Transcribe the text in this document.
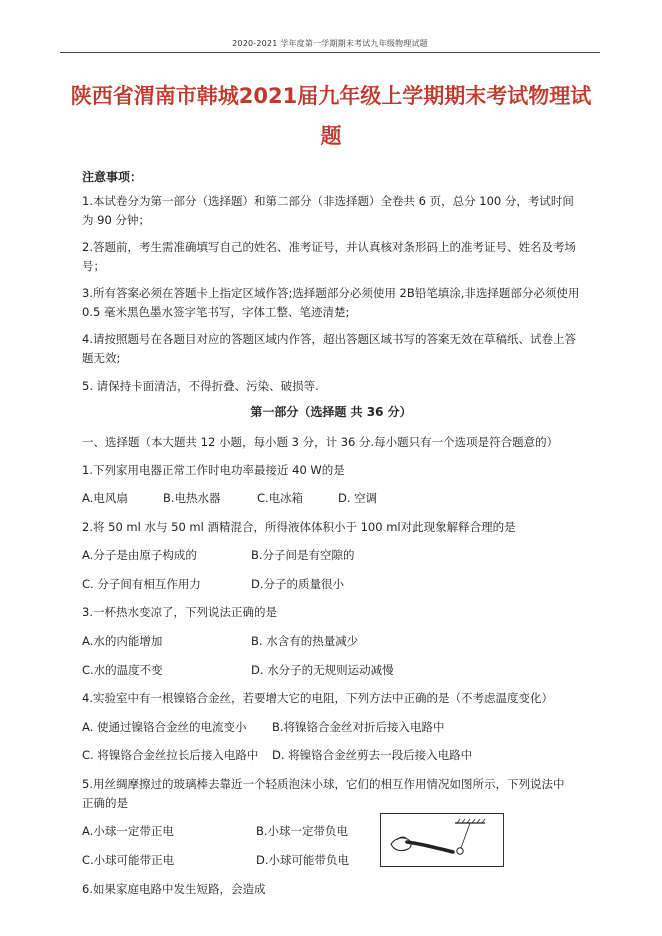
2020-2021 学年度第一学期期末考试九年级物理试题
陕西省渭南市韩城2021届九年级上学期期末考试物理试
题
注意事项：
1.本试卷分为第一部分（选择题）和第二部分（非选择题）全卷共 6 页，总分 100 分，考试时间为 90 分钟；
2.答题前，考生需准确填写自己的姓名、准考证号，并认真核对条形码上的准考证号、姓名及考场号；
3.所有答案必须在答题卡上指定区域作答;选择题部分必须使用 2B铅笔填涂,非选择题部分必须使用 0.5 毫米黑色墨水签字笔书写，字体工整、笔迹清楚;
4.请按照题号在各题目对应的答题区域内作答，超出答题区域书写的答案无效在草稿纸、试卷上答题无效;
5. 请保持卡面清洁，不得折叠、污染、破损等.
第一部分（选择题 共 36 分）
一、选择题（本大题共 12 小题，每小题 3 分，计 36 分.每小题只有一个选项是符合题意的）
1.下列家用电器正常工作时电功率最接近 40 W的是
A.电风扇	B.电热水器	C.电冰箱	D. 空调
2.将 50 ml 水与 50 ml 酒精混合，所得液体体积小于 100 ml对此现象解释合理的是
A.分子是由原子构成的	B.分子间是有空隙的
C. 分子间有相互作用力	D.分子的质量很小
3.一杯热水变凉了，下列说法正确的是
A.水的内能增加	B. 水含有的热量减少
C.水的温度不变	D. 水分子的无规则运动减慢
4.实验室中有一根镍铬合金丝，若要增大它的电阻，下列方法中正确的是（不考虑温度变化）
A. 使通过镍铬合金丝的电流变小 B.将镍铬合金丝对折后接入电路中
C. 将镍铬合金丝拉长后接入电路中 D. 将镍铬合金丝剪去一段后接入电路中
5.用丝绸摩擦过的玻璃棒去靠近一个轻质泡沫小球，它们的相互作用情况如图所示，下列说法中
正确的是
A.小球一定带正电	B.小球一定带负电
C.小球可能带正电	D.小球可能带负电
6.如果家庭电路中发生短路，会造成
